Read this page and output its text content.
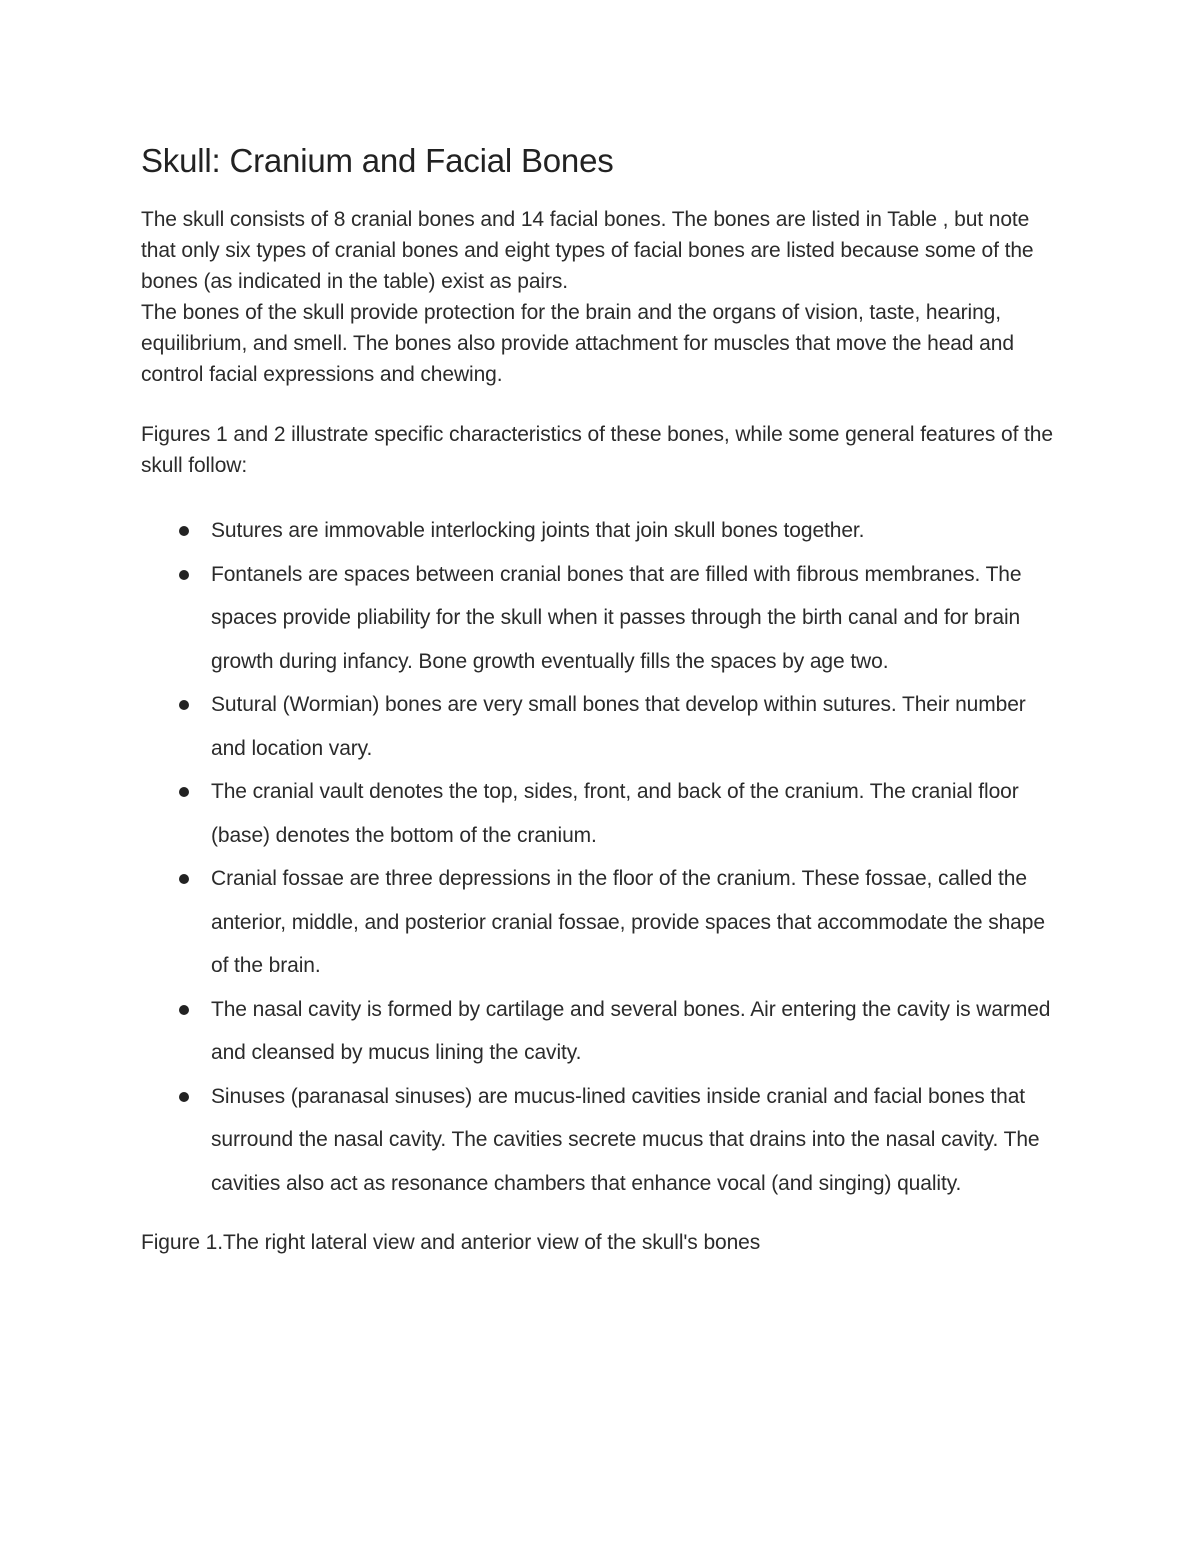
Skull: Cranium and Facial Bones

The skull consists of 8 cranial bones and 14 facial bones. The bones are listed in Table , but note that only six types of cranial bones and eight types of facial bones are listed because some of the bones (as indicated in the table) exist as pairs.

The bones of the skull provide protection for the brain and the organs of vision, taste, hearing, equilibrium, and smell. The bones also provide attachment for muscles that move the head and control facial expressions and chewing.

Figures 1 and 2 illustrate specific characteristics of these bones, while some general features of the skull follow:

Sutures are immovable interlocking joints that join skull bones together.
Fontanels are spaces between cranial bones that are filled with fibrous membranes. The spaces provide pliability for the skull when it passes through the birth canal and for brain growth during infancy. Bone growth eventually fills the spaces by age two.
Sutural (Wormian) bones are very small bones that develop within sutures. Their number and location vary.
The cranial vault denotes the top, sides, front, and back of the cranium. The cranial floor (base) denotes the bottom of the cranium.
Cranial fossae are three depressions in the floor of the cranium. These fossae, called the anterior, middle, and posterior cranial fossae, provide spaces that accommodate the shape of the brain.
The nasal cavity is formed by cartilage and several bones. Air entering the cavity is warmed and cleansed by mucus lining the cavity.
Sinuses (paranasal sinuses) are mucus-lined cavities inside cranial and facial bones that surround the nasal cavity. The cavities secrete mucus that drains into the nasal cavity. The cavities also act as resonance chambers that enhance vocal (and singing) quality.

Figure 1.The right lateral view and anterior view of the skull's bones
